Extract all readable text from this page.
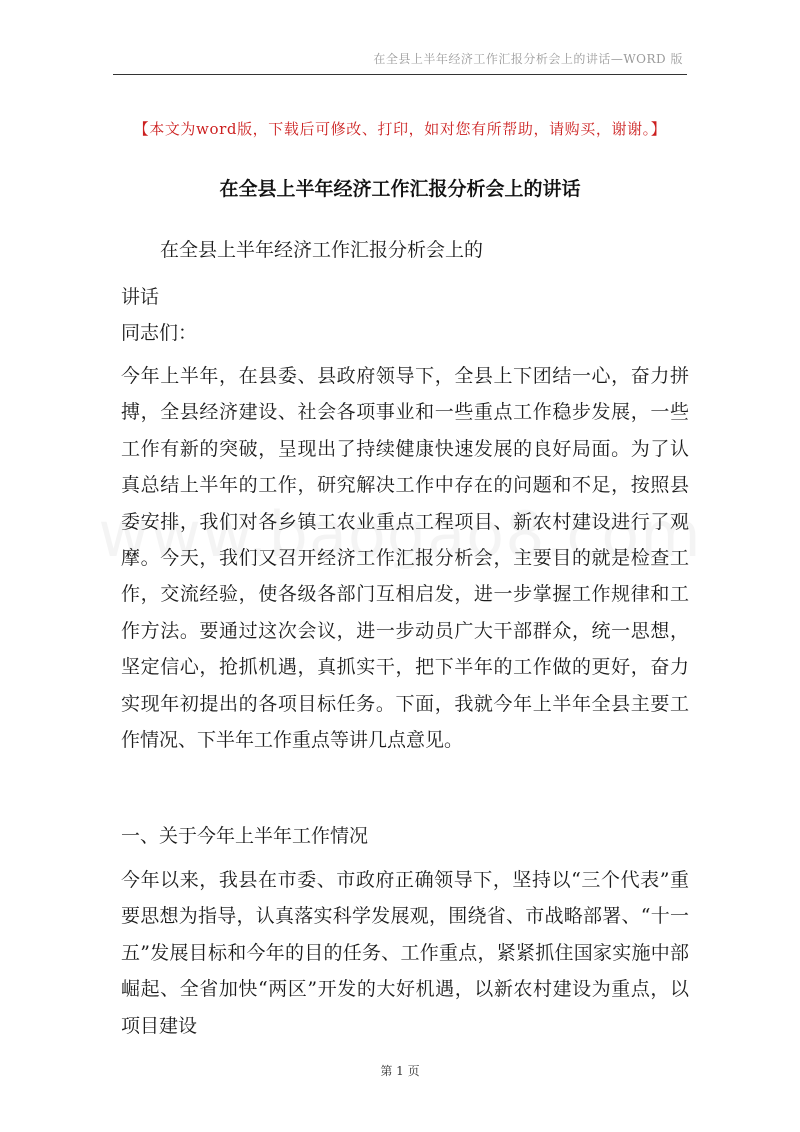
在全县上半年经济工作汇报分析会上的讲话—WORD 版
【本文为word版，下载后可修改、打印，如对您有所帮助，请购买，谢谢。】
在全县上半年经济工作汇报分析会上的讲话
在全县上半年经济工作汇报分析会上的
讲话
同志们：
今年上半年，在县委、县政府领导下，全县上下团结一心，奋力拼搏，全县经济建设、社会各项事业和一些重点工作稳步发展，一些工作有新的突破，呈现出了持续健康快速发展的良好局面。为了认真总结上半年的工作，研究解决工作中存在的问题和不足，按照县委安排，我们对各乡镇工农业重点工程项目、新农村建设进行了观摩。今天，我们又召开经济工作汇报分析会，主要目的就是检查工作，交流经验，使各级各部门互相启发，进一步掌握工作规律和工作方法。要通过这次会议，进一步动员广大干部群众，统一思想，坚定信心，抢抓机遇，真抓实干，把下半年的工作做的更好，奋力实现年初提出的各项目标任务。下面，我就今年上半年全县主要工作情况、下半年工作重点等讲几点意见。
一、关于今年上半年工作情况
今年以来，我县在市委、市政府正确领导下，坚持以“三个代表”重要思想为指导，认真落实科学发展观，围绕省、市战略部署、“十一五”发展目标和今年的目的任务、工作重点，紧紧抓住国家实施中部崛起、全省加快“两区”开发的大好机遇，以新农村建设为重点，以项目建设
第 1 页
